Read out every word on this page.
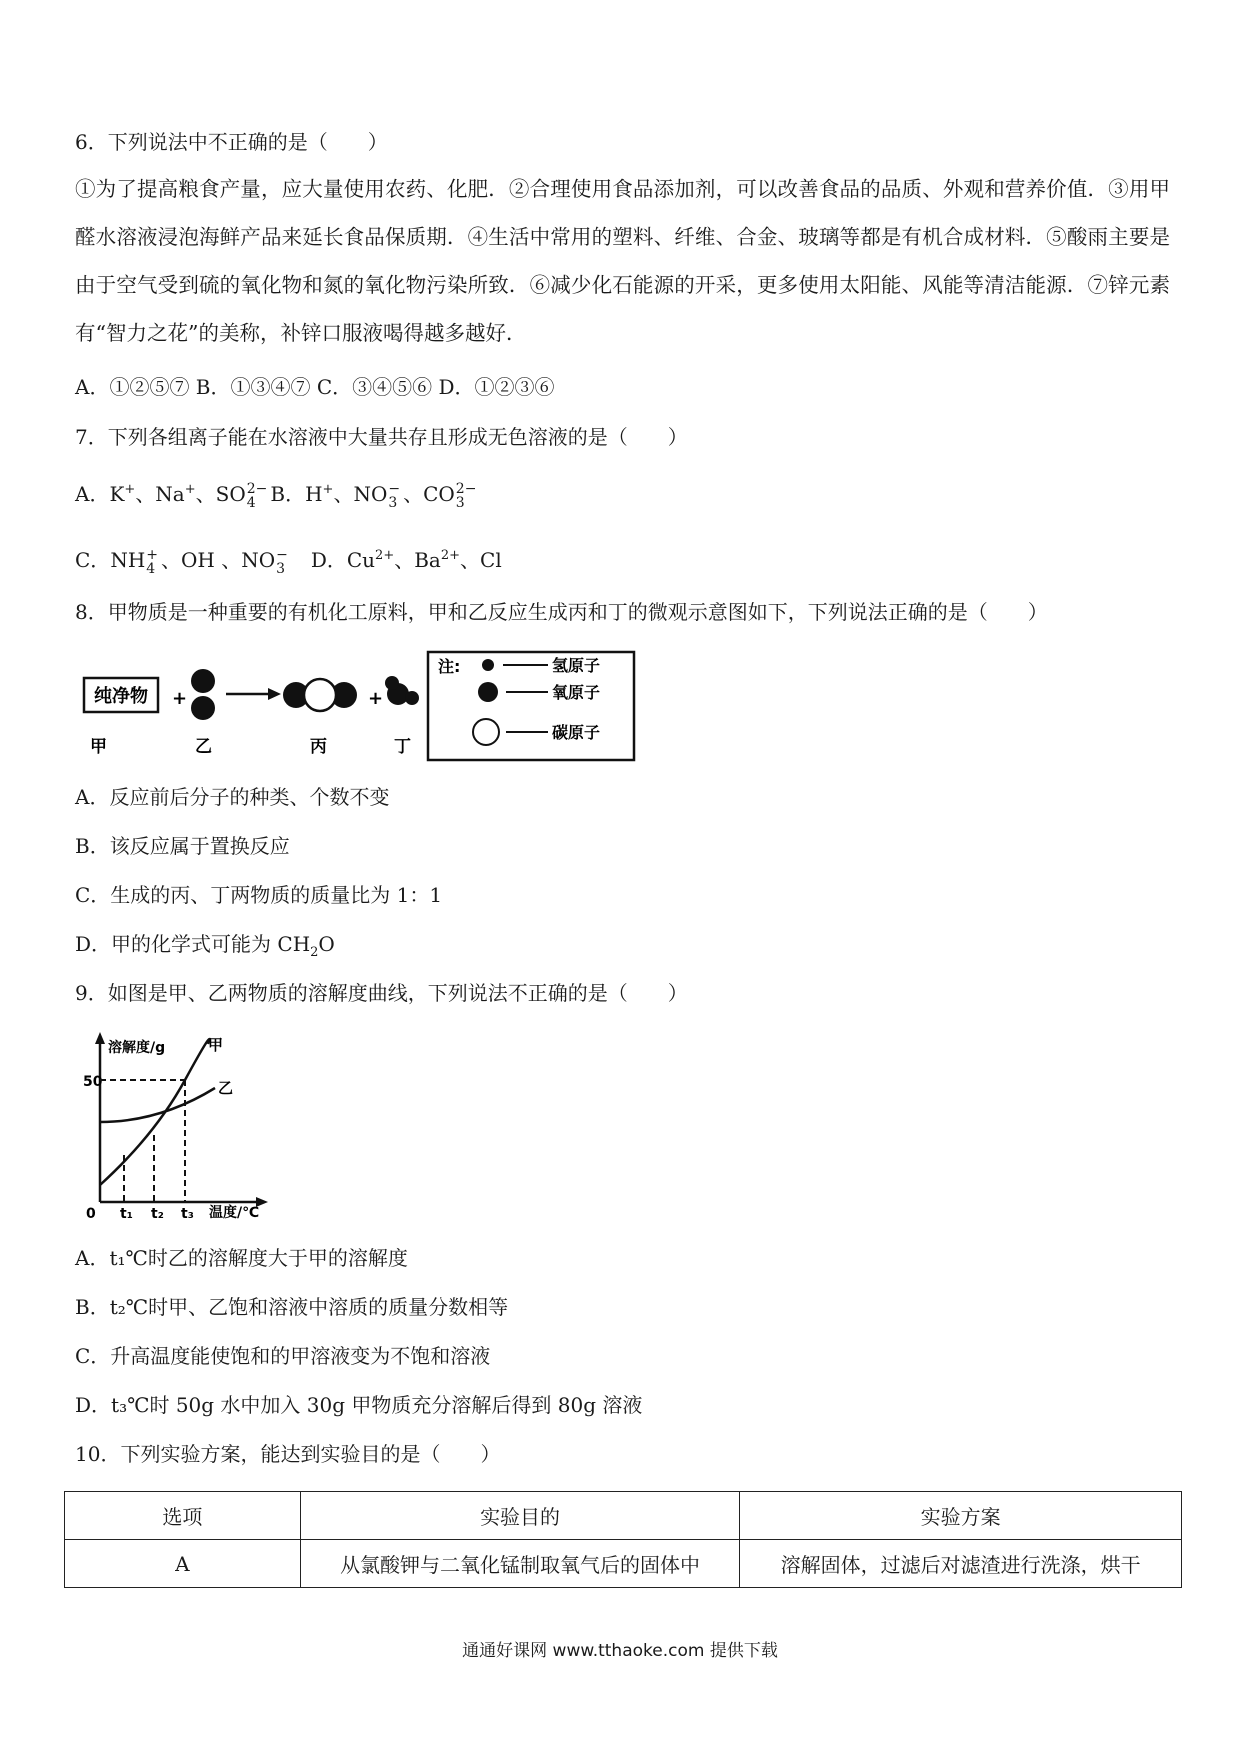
6．下列说法中不正确的是（　　）
①为了提高粮食产量，应大量使用农药、化肥．②合理使用食品添加剂，可以改善食品的品质、外观和营养价值．③用甲醛水溶液浸泡海鲜产品来延长食品保质期．④生活中常用的塑料、纤维、合金、玻璃等都是有机合成材料．⑤酸雨主要是由于空气受到硫的氧化物和氮的氧化物污染所致．⑥减少化石能源的开采，更多使用太阳能、风能等清洁能源．⑦锌元素有“智力之花”的美称，补锌口服液喝得越多越好．
A．①②⑤⑦ B．①③④⑦ C．③④⑤⑥ D．①②③⑥
7．下列各组离子能在水溶液中大量共存且形成无色溶液的是（　　）
A．K+、Na+、SO 2−
4 B．H+、NO −
3 、CO 2−
3
C．NH +
4 、OH 、NO −
3
　 D．$Cu^{2+}$、$Ba^{2+}$、Cl
8．甲物质是一种重要的有机化工原料，甲和乙反应生成丙和丁的微观示意图如下，下列说法正确的是（　　）
纯净物
甲
+
乙	丙
+
丁
注:	氢原子
氧原子
碳原子
A．反应前后分子的种类、个数不变
B．该反应属于置换反应
C．生成的丙、丁两物质的质量比为 1：1
D．甲的化学式可能为 $CH_2O$
9．如图是甲、乙两物质的溶解度曲线，下列说法不正确的是（　　）
溶解度/g
50
0 t₁ t₂ t₃ 温度/℃
甲
乙
A．t₁℃时乙的溶解度大于甲的溶解度
B．t₂℃时甲、乙饱和溶液中溶质的质量分数相等
C．升高温度能使饱和的甲溶液变为不饱和溶液
D．t₃℃时 50g 水中加入 30g 甲物质充分溶解后得到 80g 溶液
10．下列实验方案，能达到实验目的是（　　）
选项	实验目的	实验方案
A	从氯酸钾与二氧化锰制取氧气后的固体中	溶解固体，过滤后对滤渣进行洗涤，烘干
通通好课网 www.tthaoke.com 提供下载
